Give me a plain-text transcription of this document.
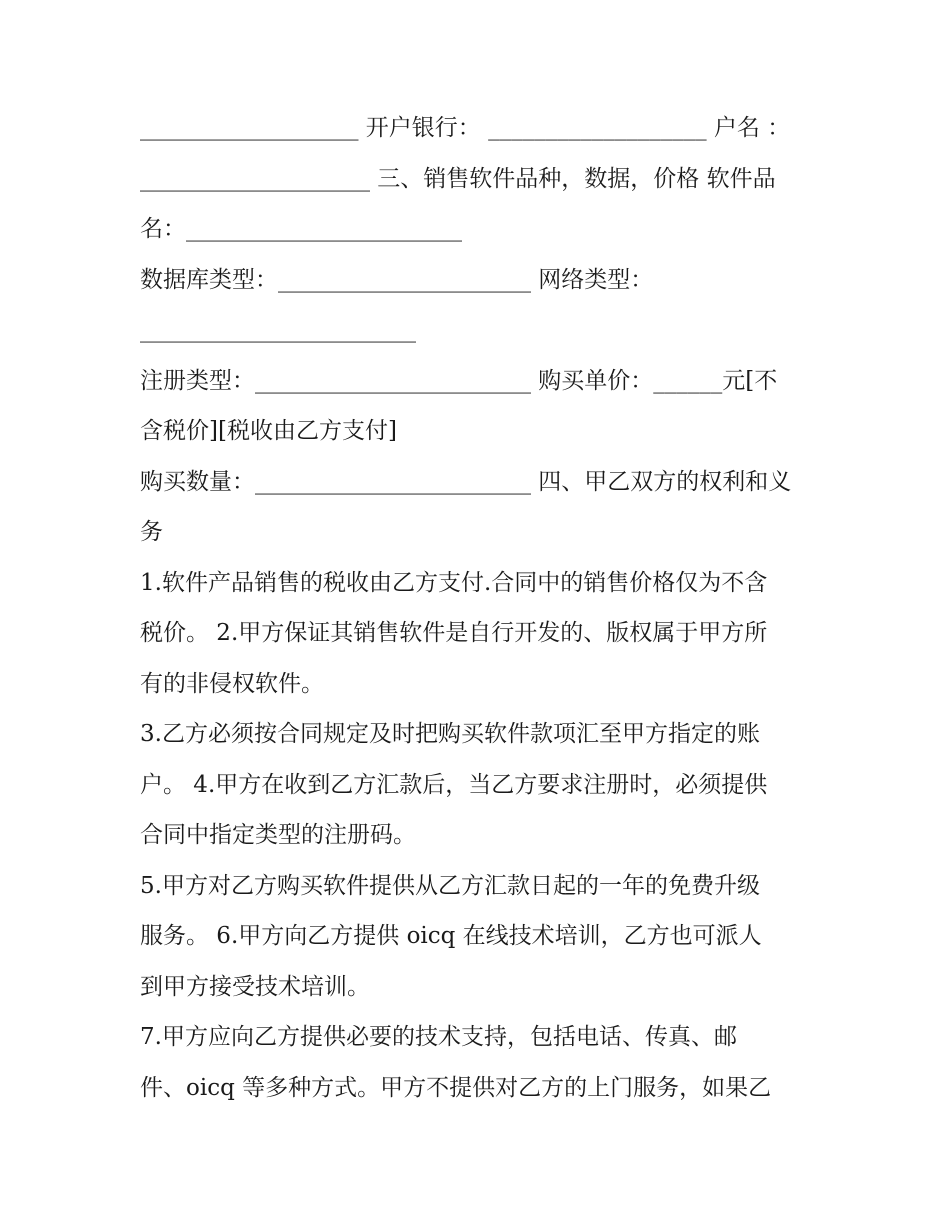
___________________ 开户银行： ___________________ 户名 ：
____________________ 三、销售软件品种，数据，价格 软件品
名：________________________
数据库类型：______________________ 网络类型：
________________________
注册类型：________________________ 购买单价：______元[不
含税价][税收由乙方支付]
购买数量：________________________ 四、甲乙双方的权利和义
务
1.软件产品销售的税收由乙方支付.合同中的销售价格仅为不含
税价。 2.甲方保证其销售软件是自行开发的、版权属于甲方所
有的非侵权软件。
3.乙方必须按合同规定及时把购买软件款项汇至甲方指定的账
户。 4.甲方在收到乙方汇款后，当乙方要求注册时，必须提供
合同中指定类型的注册码。
5.甲方对乙方购买软件提供从乙方汇款日起的一年的免费升级
服务。 6.甲方向乙方提供 oicq 在线技术培训，乙方也可派人
到甲方接受技术培训。
7.甲方应向乙方提供必要的技术支持，包括电话、传真、邮
件、oicq 等多种方式。甲方不提供对乙方的上门服务，如果乙
